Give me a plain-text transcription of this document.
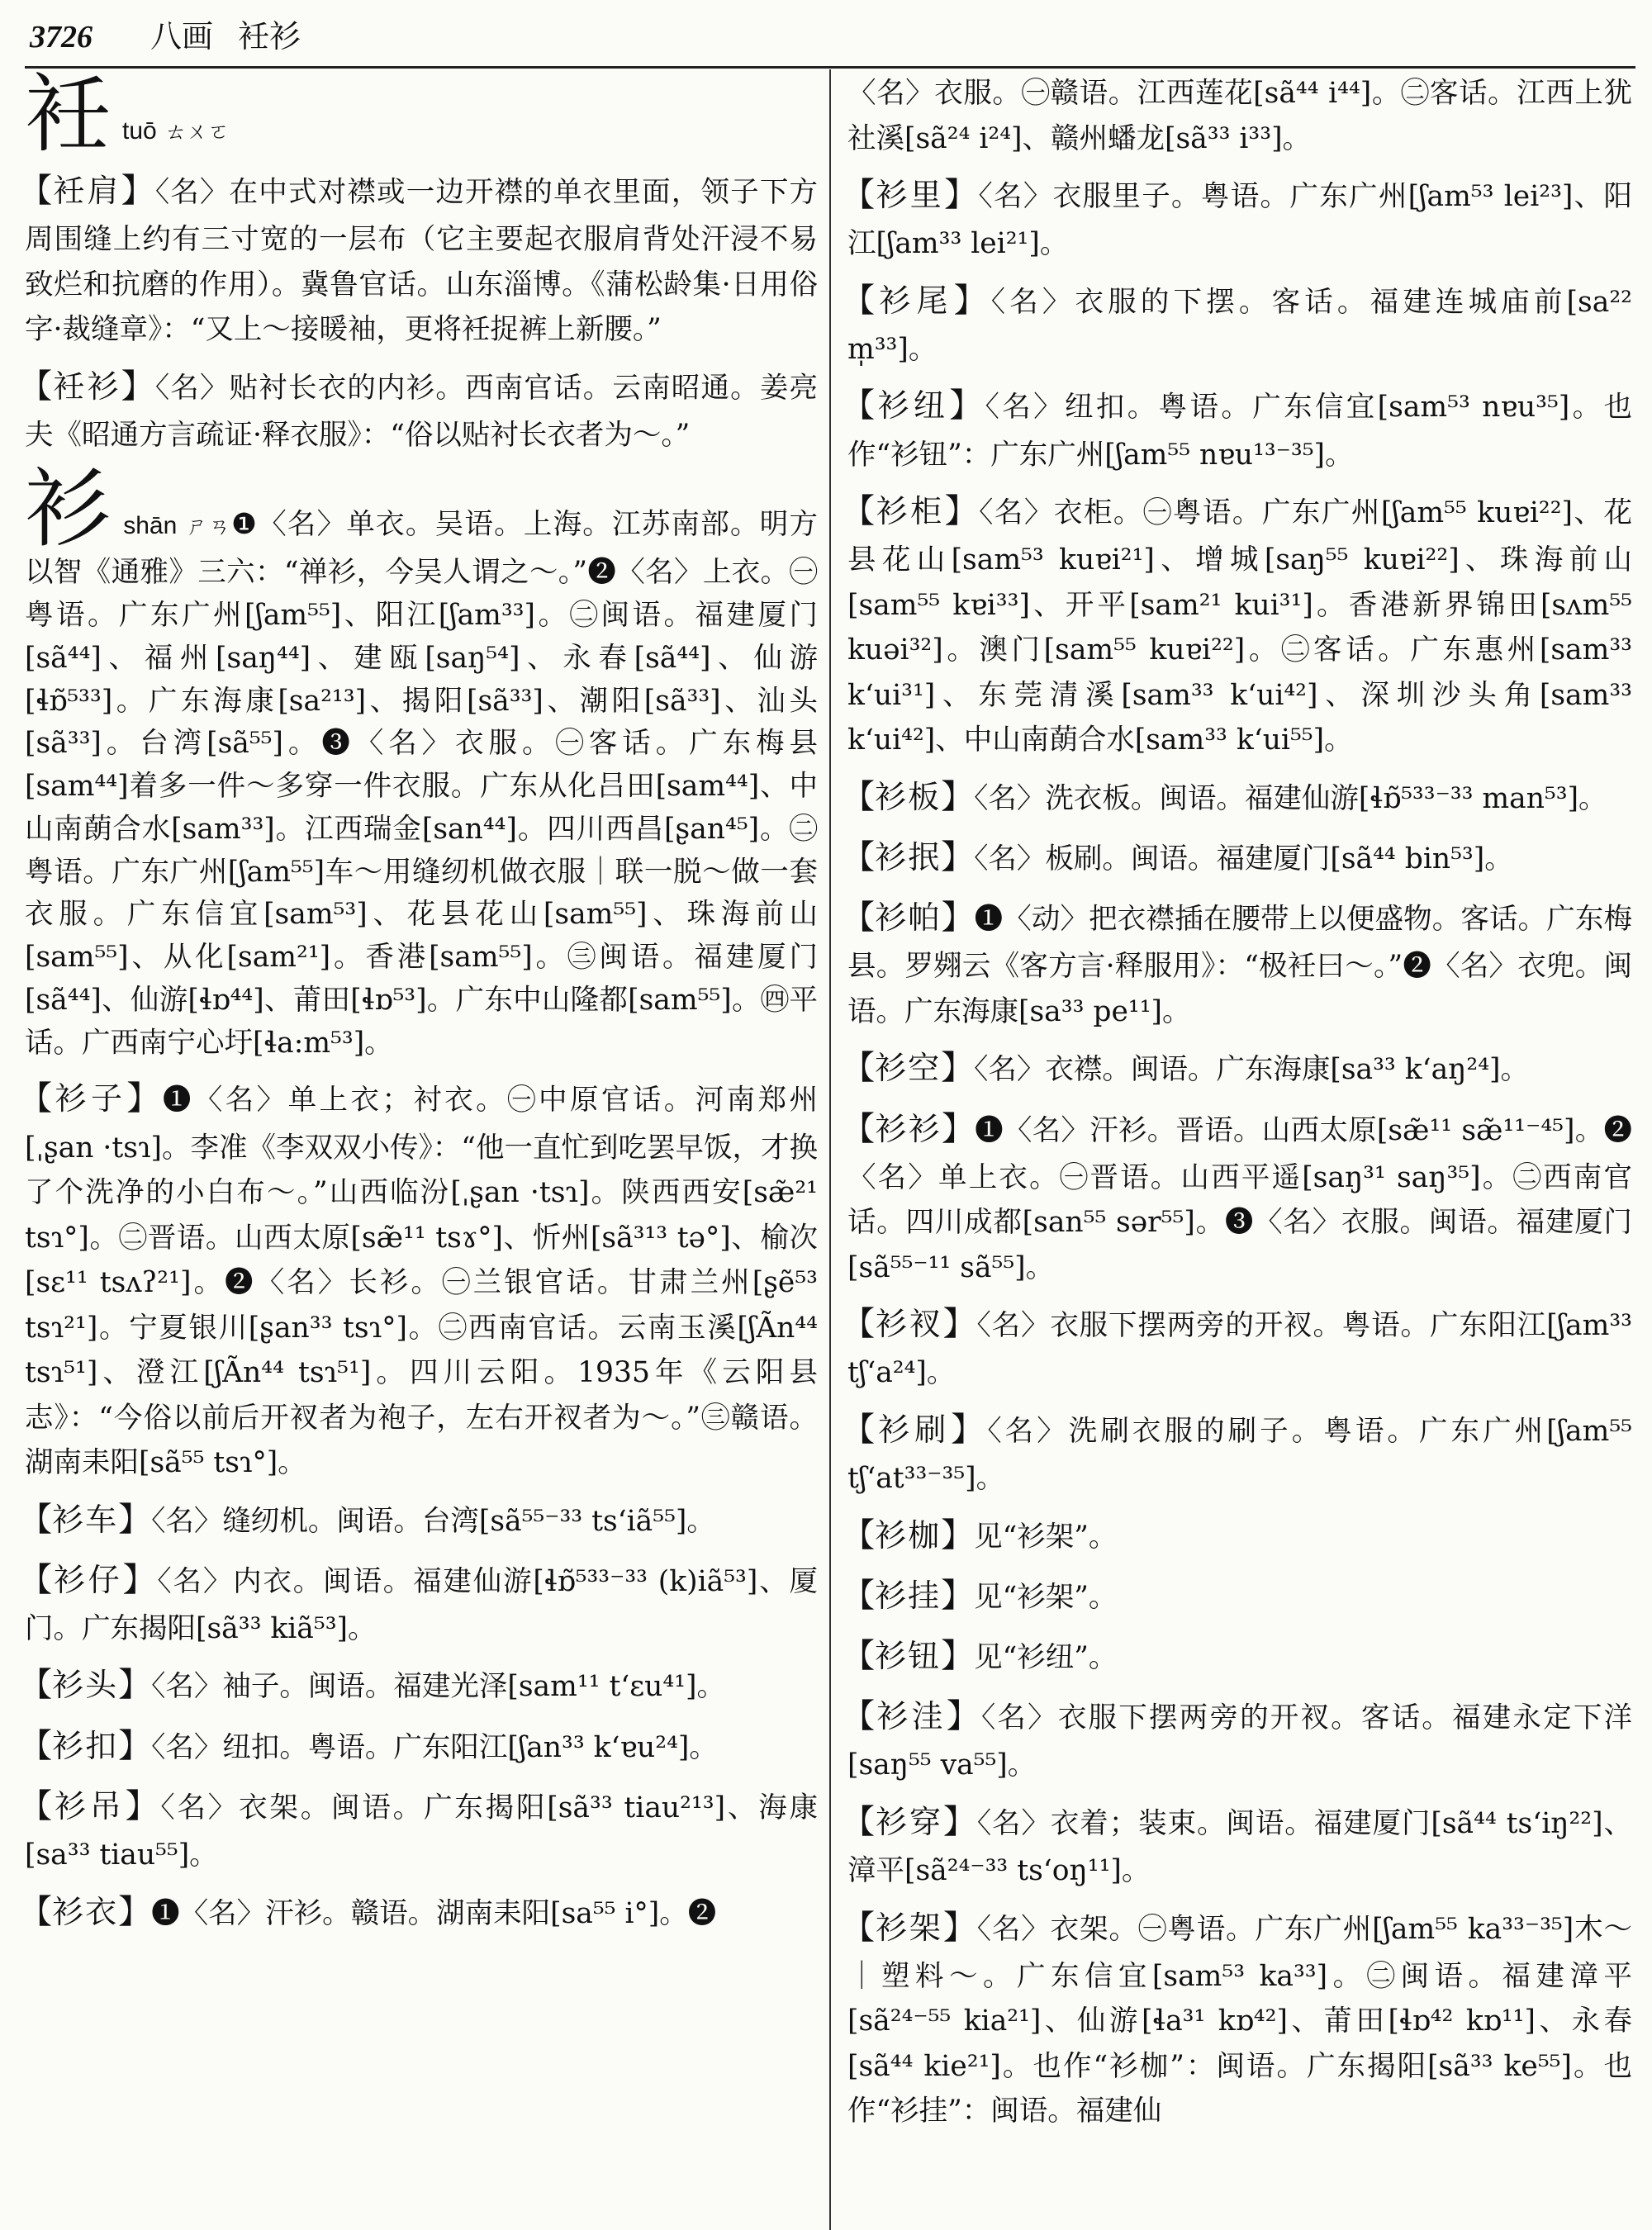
3726 八画 衽衫

衽tuō ㄊㄨㄛ

【衽肩】〈名〉在中式对襟或一边开襟的单衣里面，领子下方周围缝上约有三寸宽的一层布（它主要起衣服肩背处汗浸不易致烂和抗磨的作用）。冀鲁官话。山东淄博。《蒲松龄集·日用俗字·裁缝章》：“又上～接暖袖，更将衽捉裤上新腰。”

【衽衫】〈名〉贴衬长衣的内衫。西南官话。云南昭通。姜亮夫《昭通方言疏证·释衣服》：“俗以贴衬长衣者为～。”

衫shān ㄕㄢ❶〈名〉单衣。吴语。上海。江苏南部。明方以智《通雅》三六：“禅衫，今吴人谓之～。”❷〈名〉上衣。㊀粤语。广东广州[ʃam⁵⁵]、阳江[ʃam³³]。㊁闽语。福建厦门[sã⁴⁴]、福州[saŋ⁴⁴]、建瓯[saŋ⁵⁴]、永春[sã⁴⁴]、仙游[ɬɒ̃⁵³³]。广东海康[sa²¹³]、揭阳[sã³³]、潮阳[sã³³]、汕头[sã³³]。台湾[sã⁵⁵]。❸〈名〉衣服。㊀客话。广东梅县[sam⁴⁴]着多一件～多穿一件衣服。广东从化吕田[sam⁴⁴]、中山南蓢合水[sam³³]。江西瑞金[san⁴⁴]。四川西昌[ʂan⁴⁵]。㊁粤语。广东广州[ʃam⁵⁵]车～用缝纫机做衣服｜联一脱～做一套衣服。广东信宜[sam⁵³]、花县花山[sam⁵⁵]、珠海前山[sam⁵⁵]、从化[sam²¹]。香港[sam⁵⁵]。㊂闽语。福建厦门[sã⁴⁴]、仙游[ɬɒ⁴⁴]、莆田[ɬɒ⁵³]。广东中山隆都[sam⁵⁵]。㊃平话。广西南宁心圩[ɬa:m⁵³]。

【衫子】❶〈名〉单上衣；衬衣。㊀中原官话。河南郑州[ˌʂan ·tsɿ]。李准《李双双小传》：“他一直忙到吃罢早饭，才换了个洗净的小白布～。”山西临汾[ˌʂan ·tsɿ]。陕西西安[sæ̃²¹ tsɿ°]。㊁晋语。山西太原[sæ̃¹¹ tsɤ°]、忻州[sã³¹³ tə°]、榆次[sɛ¹¹ tsʌʔ²¹]。❷〈名〉长衫。㊀兰银官话。甘肃兰州[ʂẽ⁵³ tsɿ²¹]。宁夏银川[ʂan³³ tsɿ°]。㊁西南官话。云南玉溪[ʃÃn⁴⁴ tsɿ⁵¹]、澄江[ʃÃn⁴⁴ tsɿ⁵¹]。四川云阳。1935年《云阳县志》：“今俗以前后开衩者为袍子，左右开衩者为～。”㊂赣语。湖南耒阳[sã⁵⁵ tsɿ°]。

【衫车】〈名〉缝纫机。闽语。台湾[sã⁵⁵⁻³³ tsʻiã⁵⁵]。

【衫仔】〈名〉内衣。闽语。福建仙游[ɬɒ̃⁵³³⁻³³ (k)iã⁵³]、厦门。广东揭阳[sã³³ kiã⁵³]。

【衫头】〈名〉袖子。闽语。福建光泽[sam¹¹ tʻɛu⁴¹]。

【衫扣】〈名〉纽扣。粤语。广东阳江[ʃan³³ kʻɐu²⁴]。

【衫吊】〈名〉衣架。闽语。广东揭阳[sã³³ tiau²¹³]、海康[sa³³ tiau⁵⁵]。

【衫衣】❶〈名〉汗衫。赣语。湖南耒阳[sa⁵⁵ i°]。❷

〈名〉衣服。㊀赣语。江西莲花[sã⁴⁴ i⁴⁴]。㊁客话。江西上犹社溪[sã²⁴ i²⁴]、赣州蟠龙[sã³³ i³³]。

【衫里】〈名〉衣服里子。粤语。广东广州[ʃam⁵³ lei²³]、阳江[ʃam³³ lei²¹]。

【衫尾】〈名〉衣服的下摆。客话。福建连城庙前[sa²² m̩³³]。

【衫纽】〈名〉纽扣。粤语。广东信宜[sam⁵³ nɐu³⁵]。也作“衫钮”：广东广州[ʃam⁵⁵ nɐu¹³⁻³⁵]。

【衫柜】〈名〉衣柜。㊀粤语。广东广州[ʃam⁵⁵ kuɐi²²]、花县花山[sam⁵³ kuɐi²¹]、增城[saŋ⁵⁵ kuɐi²²]、珠海前山[sam⁵⁵ kɐi³³]、开平[sam²¹ kui³¹]。香港新界锦田[sʌm⁵⁵ kuəi³²]。澳门[sam⁵⁵ kuɐi²²]。㊁客话。广东惠州[sam³³ kʻui³¹]、东莞清溪[sam³³ kʻui⁴²]、深圳沙头角[sam³³ kʻui⁴²]、中山南蓢合水[sam³³ kʻui⁵⁵]。

【衫板】〈名〉洗衣板。闽语。福建仙游[ɬɒ̃⁵³³⁻³³ man⁵³]。

【衫抿】〈名〉板刷。闽语。福建厦门[sã⁴⁴ bin⁵³]。

【衫帕】❶〈动〉把衣襟插在腰带上以便盛物。客话。广东梅县。罗翙云《客方言·释服用》：“极衽曰～。”❷〈名〉衣兜。闽语。广东海康[sa³³ pe¹¹]。

【衫空】〈名〉衣襟。闽语。广东海康[sa³³ kʻaŋ²⁴]。

【衫衫】❶〈名〉汗衫。晋语。山西太原[sæ̃¹¹ sæ̃¹¹⁻⁴⁵]。❷〈名〉单上衣。㊀晋语。山西平遥[saŋ³¹ saŋ³⁵]。㊁西南官话。四川成都[san⁵⁵ sər⁵⁵]。❸〈名〉衣服。闽语。福建厦门[sã⁵⁵⁻¹¹ sã⁵⁵]。

【衫衩】〈名〉衣服下摆两旁的开衩。粤语。广东阳江[ʃam³³ tʃʻa²⁴]。

【衫刷】〈名〉洗刷衣服的刷子。粤语。广东广州[ʃam⁵⁵ tʃʻat³³⁻³⁵]。

【衫枷】见“衫架”。

【衫挂】见“衫架”。

【衫钮】见“衫纽”。

【衫洼】〈名〉衣服下摆两旁的开衩。客话。福建永定下洋[saŋ⁵⁵ va⁵⁵]。

【衫穿】〈名〉衣着；装束。闽语。福建厦门[sã⁴⁴ tsʻiŋ²²]、漳平[sã²⁴⁻³³ tsʻoŋ¹¹]。

【衫架】〈名〉衣架。㊀粤语。广东广州[ʃam⁵⁵ ka³³⁻³⁵]木～｜塑料～。广东信宜[sam⁵³ ka³³]。㊁闽语。福建漳平[sã²⁴⁻⁵⁵ kia²¹]、仙游[ɬa³¹ kɒ⁴²]、莆田[ɬɒ⁴² kɒ¹¹]、永春[sã⁴⁴ kie²¹]。也作“衫枷”：闽语。广东揭阳[sã³³ ke⁵⁵]。也作“衫挂”：闽语。福建仙
